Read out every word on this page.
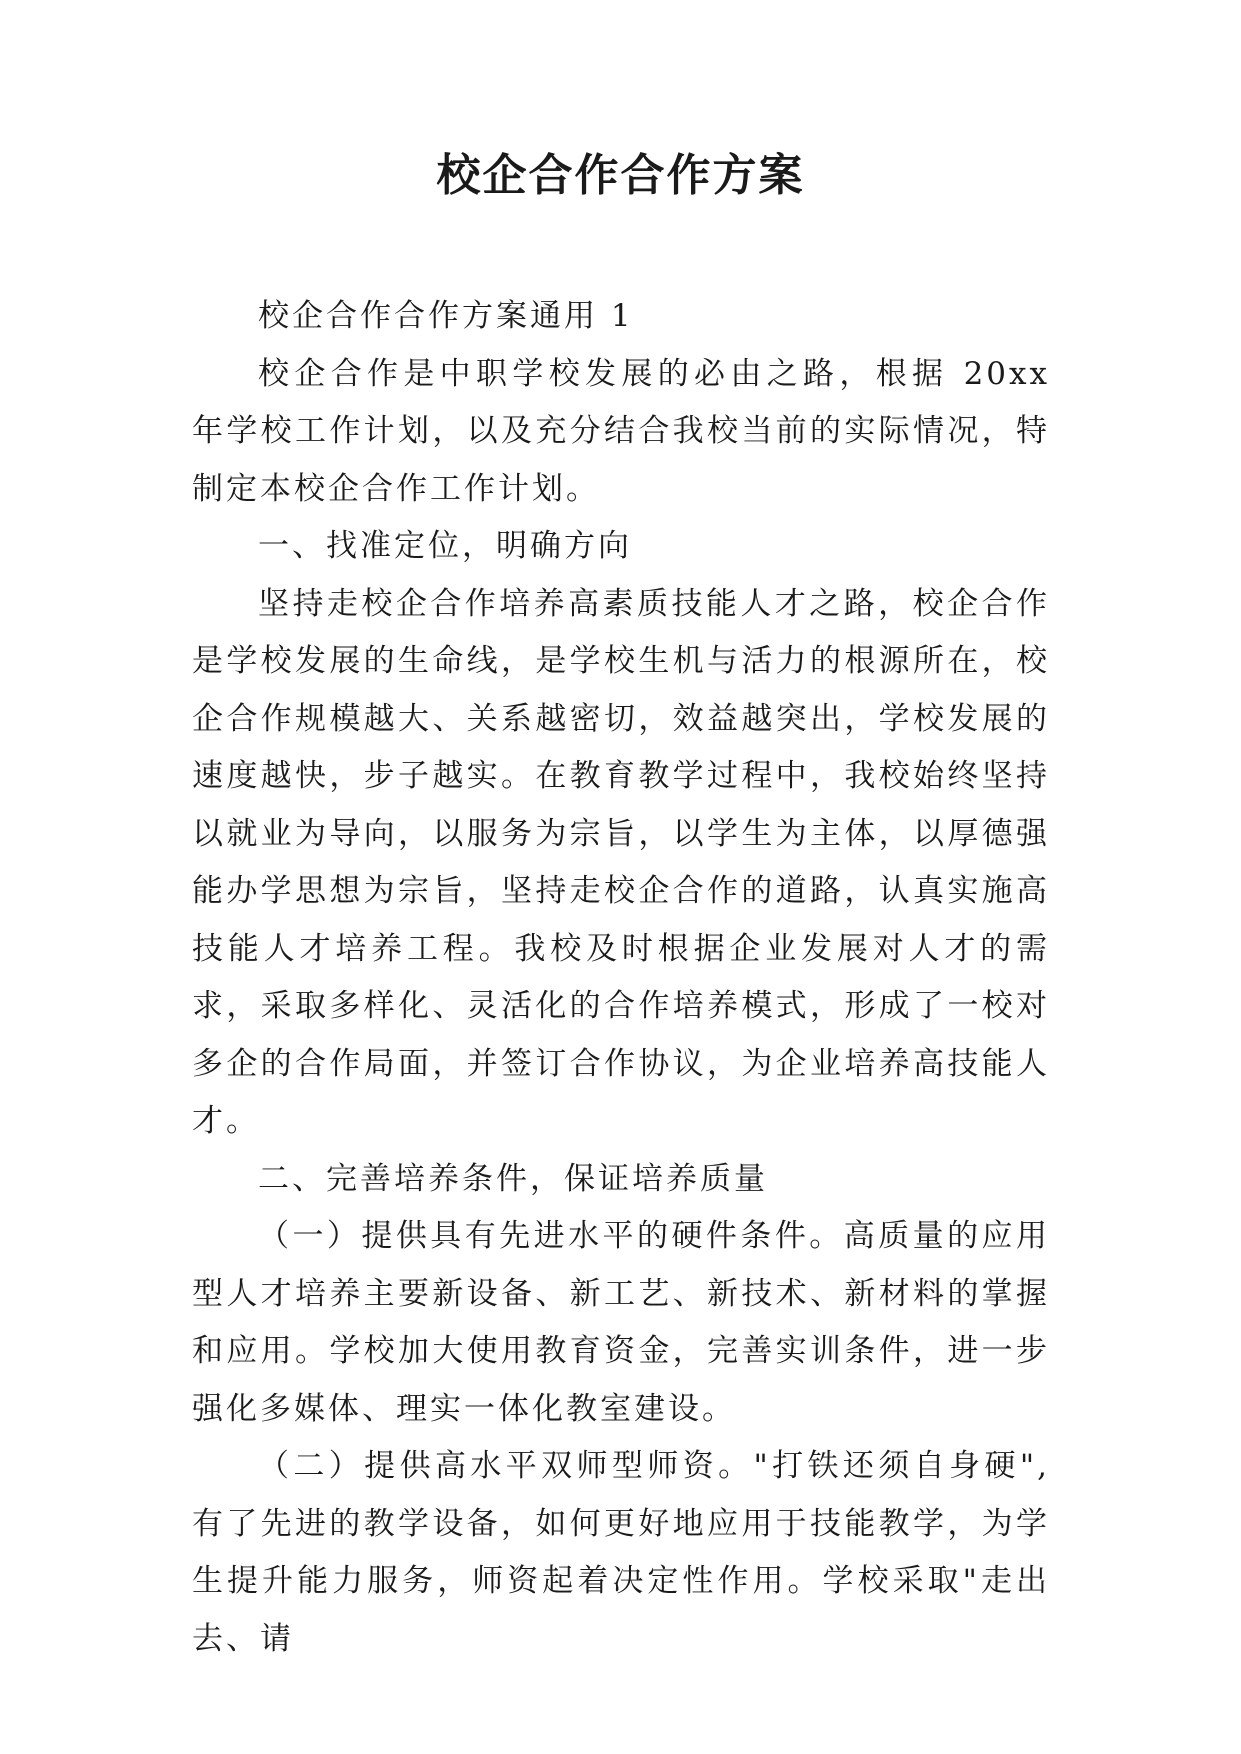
校企合作合作方案

校企合作合作方案通用 1

校企合作是中职学校发展的必由之路，根据 20xx 年学校工作计划，以及充分结合我校当前的实际情况，特制定本校企合作工作计划。

一、找准定位，明确方向

坚持走校企合作培养高素质技能人才之路，校企合作是学校发展的生命线，是学校生机与活力的根源所在，校企合作规模越大、关系越密切，效益越突出，学校发展的速度越快，步子越实。在教育教学过程中，我校始终坚持以就业为导向，以服务为宗旨，以学生为主体，以厚德强能办学思想为宗旨，坚持走校企合作的道路，认真实施高技能人才培养工程。我校及时根据企业发展对人才的需求，采取多样化、灵活化的合作培养模式，形成了一校对多企的合作局面，并签订合作协议，为企业培养高技能人才。

二、完善培养条件，保证培养质量

（一）提供具有先进水平的硬件条件。高质量的应用型人才培养主要新设备、新工艺、新技术、新材料的掌握和应用。学校加大使用教育资金，完善实训条件，进一步强化多媒体、理实一体化教室建设。

（二）提供高水平双师型师资。"打铁还须自身硬",有了先进的教学设备，如何更好地应用于技能教学，为学生提升能力服务，师资起着决定性作用。学校采取"走出去、请
